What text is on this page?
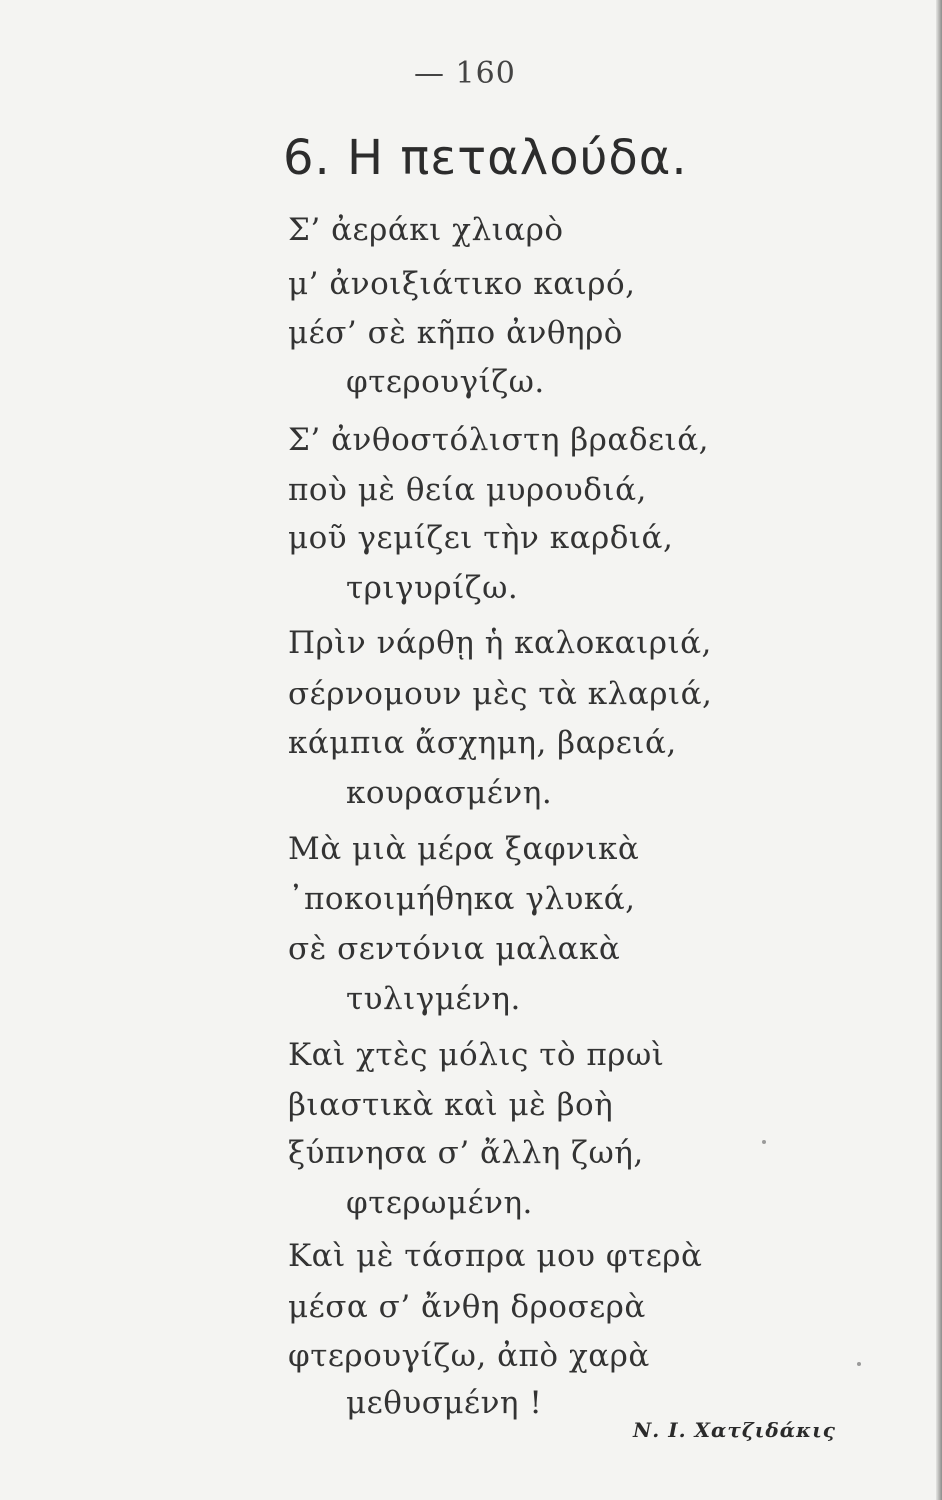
— 160
6. Η πεταλούδα.
Σ’ ἀεράκι χλιαρὸ
μ’ ἀνοιξιάτικο καιρό,
μέσ’ σὲ κῆπο ἀνθηρὸ
φτερουγίζω.
Σ’ ἀνθοστόλιστη βραδειά,
ποὺ μὲ θεία μυρουδιά,
μοῦ γεμίζει τὴν καρδιά,
τριγυρίζω.
Πρὶν νάρθῃ ἡ καλοκαιριά,
σέρνομουν μὲς τὰ κλαριά,
κάμπια ἄσχημη, βαρειά,
κουρασμένη.
Μὰ μιὰ μέρα ξαφνικὰ
᾿ποκοιμήθηκα γλυκά,
σὲ σεντόνια μαλακὰ
τυλιγμένη.
Καὶ χτὲς μόλις τὸ πρωὶ
βιαστικὰ καὶ μὲ βοὴ
ξύπνησα σ’ ἄλλη ζωή,
φτερωμένη.
Καὶ μὲ τάσπρα μου φτερὰ
μέσα σ’ ἄνθη δροσερὰ
φτερουγίζω, ἀπὸ χαρὰ
μεθυσμένη !
Ν. Ι. Χατζιδάκις
